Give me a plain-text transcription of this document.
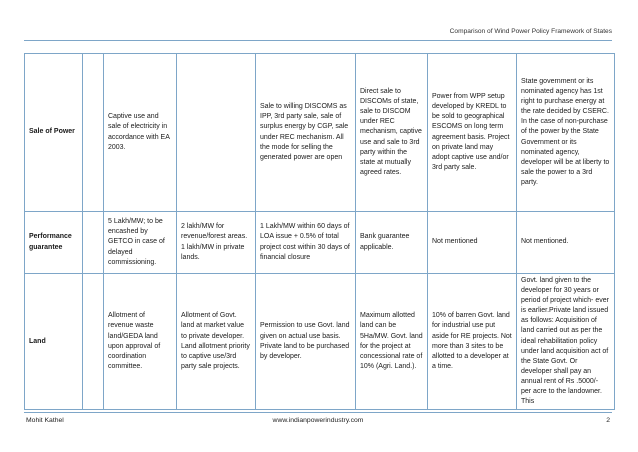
Comparison of Wind Power Policy Framework of States
Sale of Power		Captive use and sale of electricity in accordance with EA 2003.		Sale to willing DISCOMS as IPP, 3rd party sale, sale of surplus energy by CGP, sale under REC mechanism. All the mode for selling the generated power are open	Direct sale to DISCOMs of state, sale to DISCOM under REC mechanism, captive use and sale to 3rd party within the state at mutually agreed rates.	Power from WPP setup developed by KREDL to be sold to geographical ESCOMS on long term agreement basis. Project on private land may adopt captive use and/or 3rd party sale.	State government or its nominated agency has 1st right to purchase energy at the rate decided by CSERC. In the case of non-purchase of the power by the State Government or its nominated agency, developer will be at liberty to sale the power to a 3rd party.
Performance guarantee		5 Lakh/MW; to be encashed by GETCO in case of delayed commissioning.	2 lakh/MW for revenue/forest areas. 1 lakh/MW in private lands.	1 Lakh/MW within 60 days of LOA issue + 0.5% of total project cost within 30 days of financial closure	Bank guarantee applicable.	Not mentioned	Not mentioned.
Land		Allotment of revenue waste land/GEDA land upon approval of coordination committee.	Allotment of Govt. land at market value to private developer. Land allotment priority to captive use/3rd party sale projects.	Permission to use Govt. land given on actual use basis. Private land to be purchased by developer.	Maximum allotted land can be 5Ha/MW. Govt. land for the project at concessional rate of 10% (Agri. Land.).	10% of barren Govt. land for industrial use put aside for RE projects. Not more than 3 sites to be allotted to a developer at a time.	Govt. land given to the developer for 30 years or period of project which- ever is earlier.Private land issued as follows: Acquisition of land carried out as per the ideal rehabilitation policy under land acquisition act of the State Govt. Or developer shall pay an annual rent of Rs .5000/- per acre to the landowner. This
Mohit Kathel	www.indianpowerindustry.com	2
